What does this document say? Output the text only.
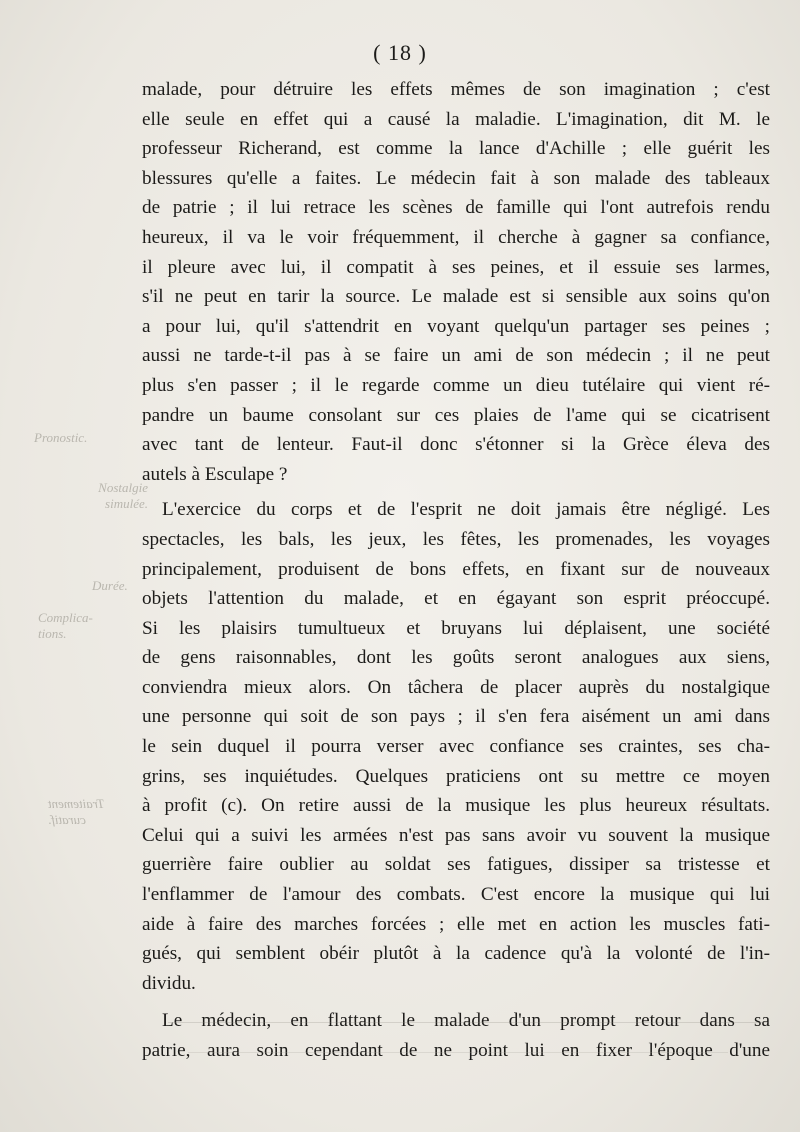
( 18 )
Nostalgie
simulée.
Durée.
Complica-
tions.
Traitement
curatif.
Pronostic.
malade, pour détruire les effets mêmes de son imagination ; c'est
elle seule en effet qui a causé la maladie. L'imagination, dit M. le
professeur Richerand, est comme la lance d'Achille ; elle guérit les
blessures qu'elle a faites. Le médecin fait à son malade des tableaux
de patrie ; il lui retrace les scènes de famille qui l'ont autrefois rendu
heureux, il va le voir fréquemment, il cherche à gagner sa confiance,
il pleure avec lui, il compatit à ses peines, et il essuie ses larmes,
s'il ne peut en tarir la source. Le malade est si sensible aux soins qu'on
a pour lui, qu'il s'attendrit en voyant quelqu'un partager ses peines ;
aussi ne tarde-t-il pas à se faire un ami de son médecin ; il ne peut
plus s'en passer ; il le regarde comme un dieu tutélaire qui vient ré-
pandre un baume consolant sur ces plaies de l'ame qui se cicatrisent
avec tant de lenteur. Faut-il donc s'étonner si la Grèce éleva des
autels à Esculape ?
L'exercice du corps et de l'esprit ne doit jamais être négligé. Les
spectacles, les bals, les jeux, les fêtes, les promenades, les voyages
principalement, produisent de bons effets, en fixant sur de nouveaux
objets l'attention du malade, et en égayant son esprit préoccupé.
Si les plaisirs tumultueux et bruyans lui déplaisent, une société
de gens raisonnables, dont les goûts seront analogues aux siens,
conviendra mieux alors. On tâchera de placer auprès du nostalgique
une personne qui soit de son pays ; il s'en fera aisément un ami dans
le sein duquel il pourra verser avec confiance ses craintes, ses cha-
grins, ses inquiétudes. Quelques praticiens ont su mettre ce moyen
à profit (c). On retire aussi de la musique les plus heureux résultats.
Celui qui a suivi les armées n'est pas sans avoir vu souvent la musique
guerrière faire oublier au soldat ses fatigues, dissiper sa tristesse et
l'enflammer de l'amour des combats. C'est encore la musique qui lui
aide à faire des marches forcées ; elle met en action les muscles fati-
gués, qui semblent obéir plutôt à la cadence qu'à la volonté de l'in-
dividu.
Le médecin, en flattant le malade d'un prompt retour dans sa
patrie, aura soin cependant de ne point lui en fixer l'époque d'une
